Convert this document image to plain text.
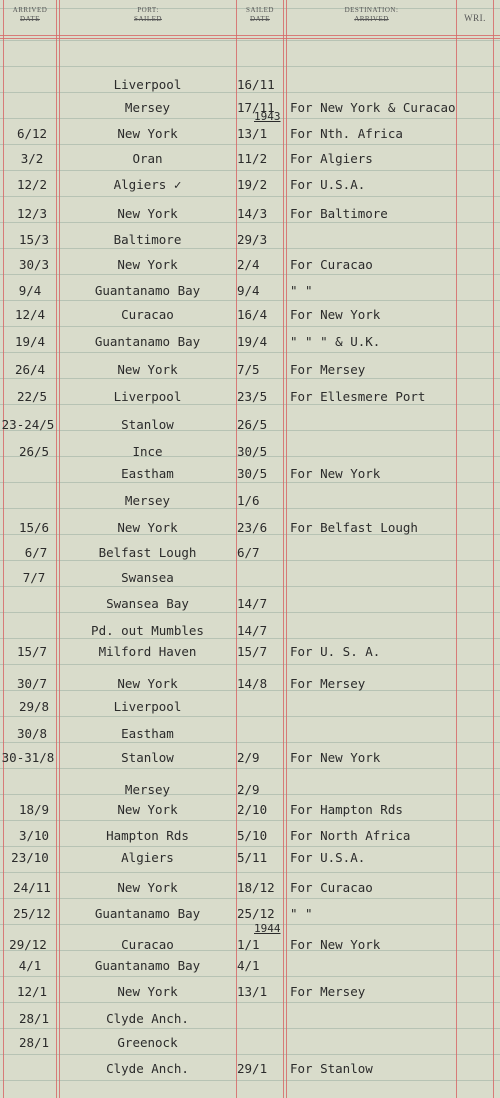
ARRIVED
DATE
PORT:
SAILED
SAILED
DATE
DESTINATION:
ARRIVED	WRI.
1943
1944
Liverpool	16/11
Mersey	17/11	For New York & Curacao
6/12	New York	13/1	For Nth. Africa
3/2	Oran	11/2	For Algiers
12/2	Algiers ✓	19/2	For U.S.A.
12/3	New York	14/3	For Baltimore
15/3	Baltimore	29/3
30/3	New York	2/4	For Curacao
9/4	Guantanamo Bay	9/4	" "
12/4	Curacao	16/4	For New York
19/4	Guantanamo Bay	19/4	" " " & U.K.
26/4	New York	7/5	For Mersey
22/5	Liverpool	23/5	For Ellesmere Port
23-24/5	Stanlow	26/5
26/5	Ince	30/5
Eastham	30/5	For New York
Mersey	1/6
15/6	New York	23/6	For Belfast Lough
6/7	Belfast Lough	6/7
7/7	Swansea
Swansea Bay	14/7
Pd. out Mumbles	14/7
15/7	Milford Haven	15/7	For U. S. A.
30/7	New York	14/8	For Mersey
29/8	Liverpool
30/8	Eastham
30-31/8	Stanlow	2/9	For New York
Mersey	2/9
18/9	New York	2/10	For Hampton Rds
3/10	Hampton Rds	5/10	For North Africa
23/10	Algiers	5/11	For U.S.A.
24/11	New York	18/12	For Curacao
25/12	Guantanamo Bay	25/12	" "
29/12	Curacao	1/1	For New York
4/1	Guantanamo Bay	4/1
12/1	New York	13/1	For Mersey
28/1	Clyde Anch.
28/1	Greenock
Clyde Anch.	29/1	For Stanlow
